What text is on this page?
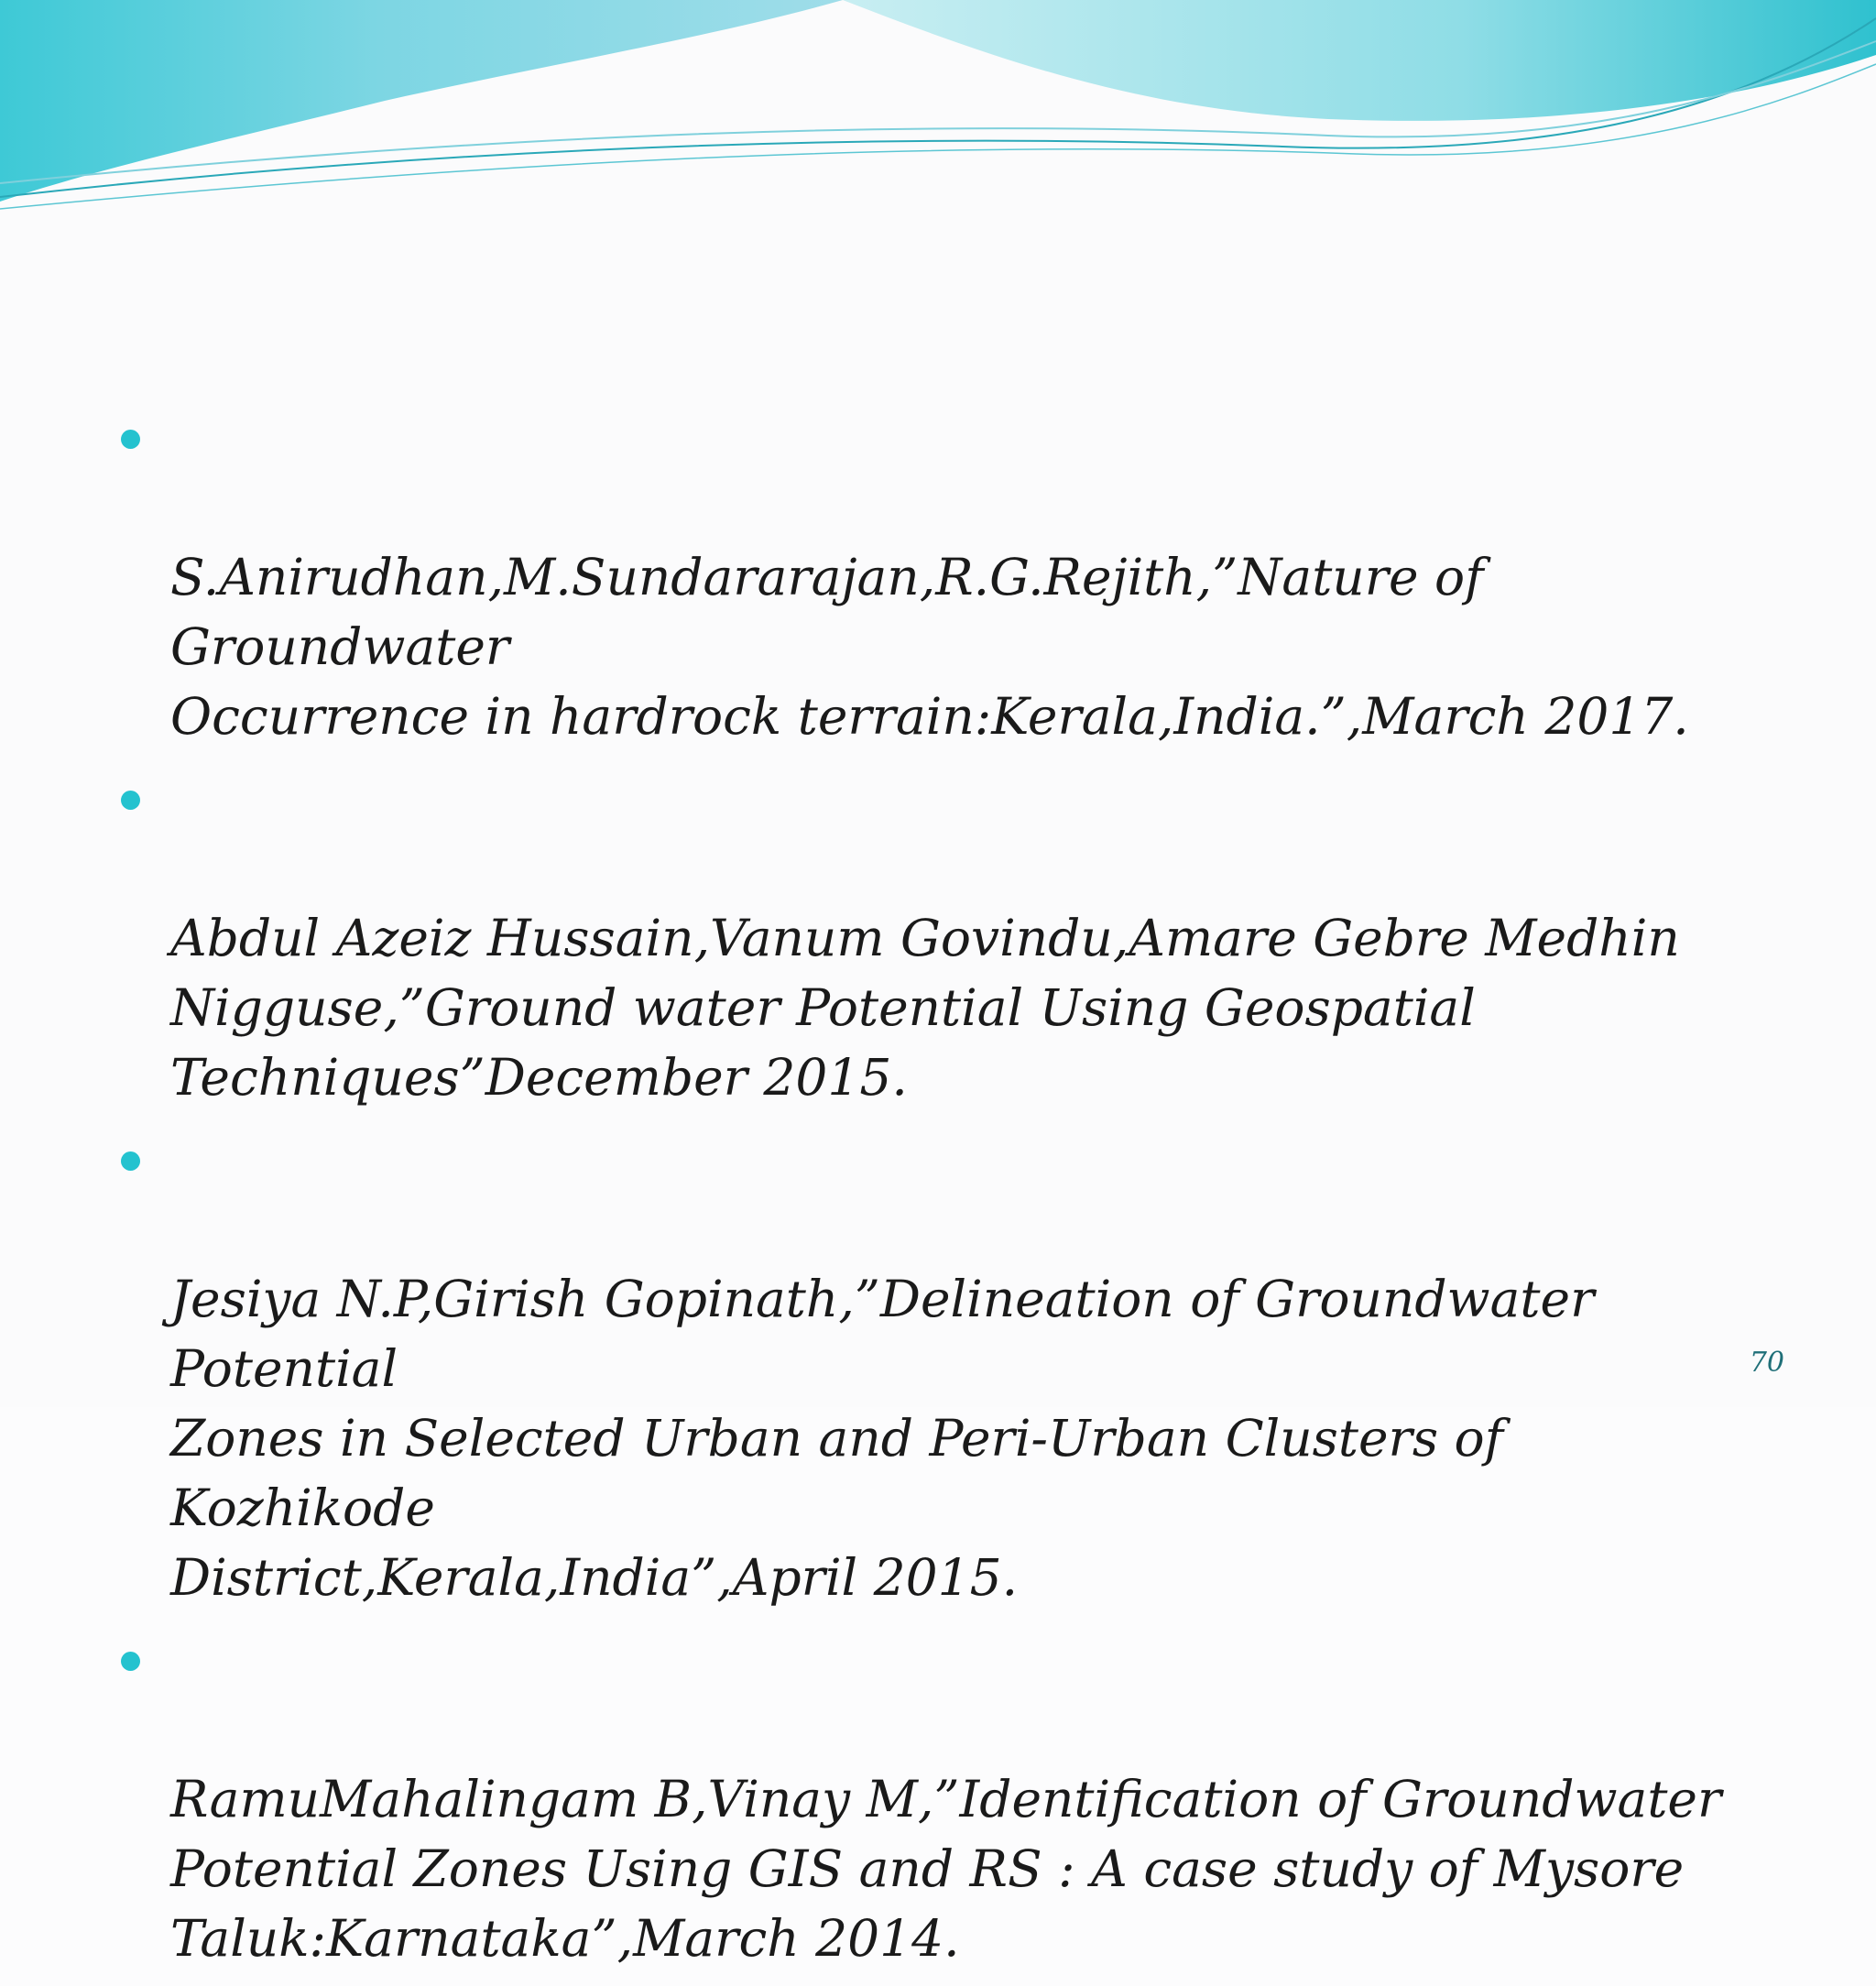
S.Anirudhan,M.Sundararajan,R.G.Rejith,”Nature of Groundwater
Occurrence in hardrock terrain:Kerala,India.”,March 2017.

Abdul Azeiz Hussain,Vanum Govindu,Amare Gebre Medhin
Nigguse,”Ground water Potential Using Geospatial
Techniques”December 2015.

Jesiya N.P,Girish Gopinath,”Delineation of Groundwater Potential
Zones in Selected Urban and Peri-Urban Clusters of Kozhikode
District,Kerala,India”,April 2015.

RamuMahalingam B,Vinay M,”Identification of Groundwater
Potential Zones Using GIS and RS : A case study of Mysore
Taluk:Karnataka”,March 2014.

70
